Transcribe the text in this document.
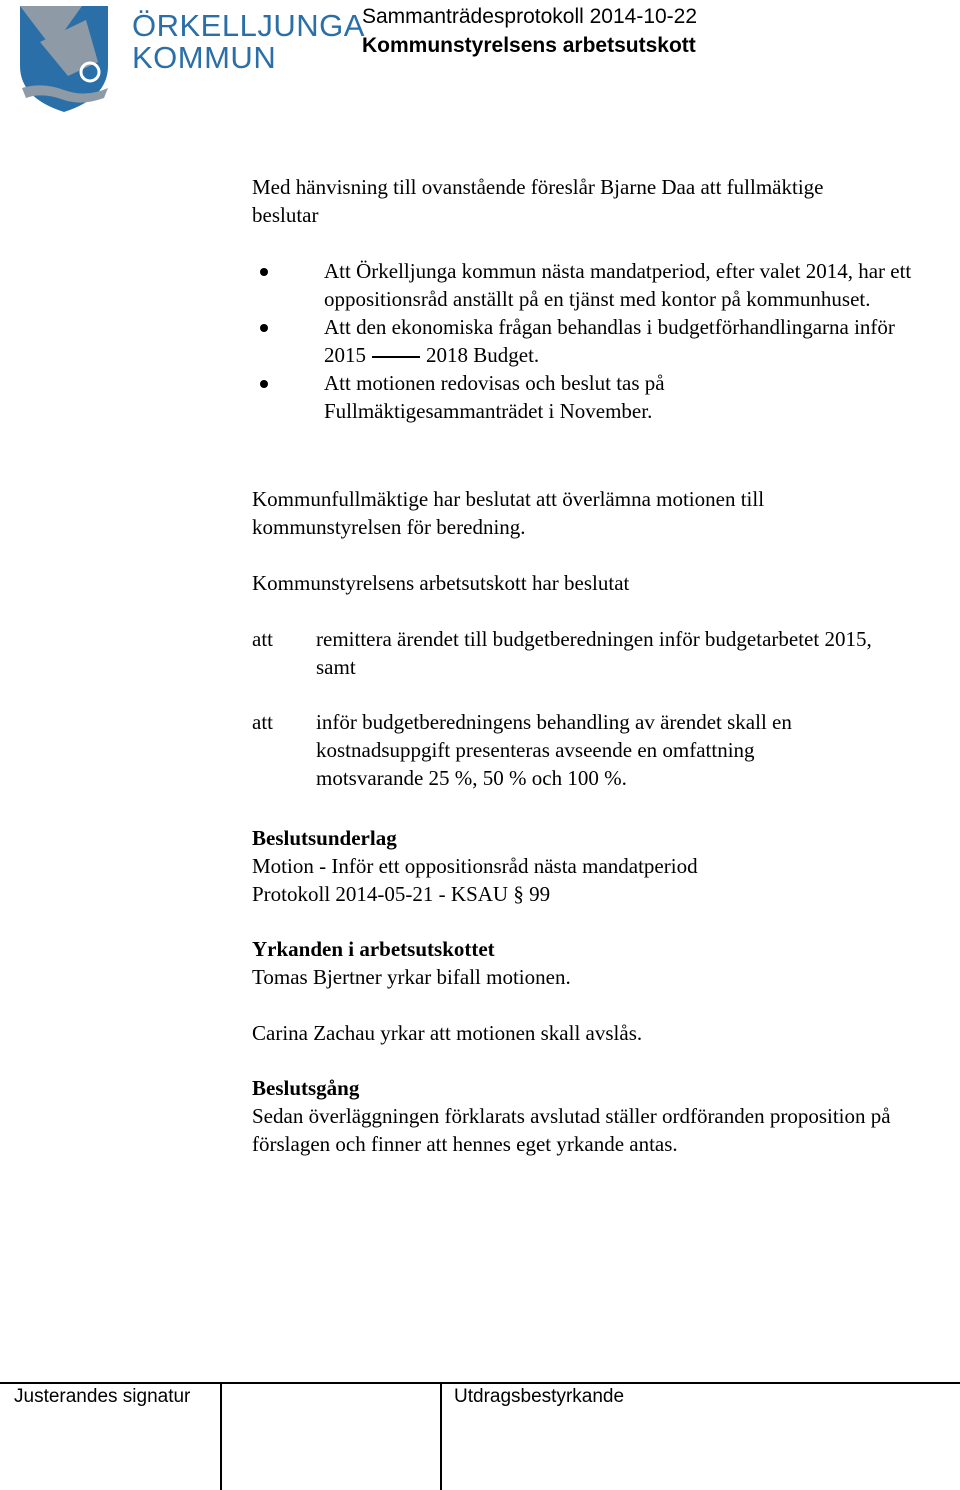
ÖRKELLJUNGA
KOMMUN
Sammanträdesprotokoll 2014-10-22
Kommunstyrelsens arbetsutskott
Med hänvisning till ovanstående föreslår Bjarne Daa att fullmäktige beslutar
Att Örkelljunga kommun nästa mandatperiod, efter valet 2014, har ett oppositionsråd anställt på en tjänst med kontor på kommunhuset.
Att den ekonomiska frågan behandlas i budgetförhandlingarna inför 2015	2018 Budget.
Att motionen redovisas och beslut tas på Fullmäktigesammanträdet i November.
Kommunfullmäktige har beslutat att överlämna motionen till kommunstyrelsen för beredning.
Kommunstyrelsens arbetsutskott har beslutat
att remittera ärendet till budgetberedningen inför budgetarbetet 2015, samt
att inför budgetberedningens behandling av ärendet skall en kostnadsuppgift presenteras avseende en omfattning motsvarande 25 %, 50 % och 100 %.
Beslutsunderlag
Motion - Inför ett oppositionsråd nästa mandatperiod
Protokoll 2014-05-21 - KSAU § 99
Yrkanden i arbetsutskottet
Tomas Bjertner yrkar bifall motionen.
Carina Zachau yrkar att motionen skall avslås.
Beslutsgång
Sedan överläggningen förklarats avslutad ställer ordföranden proposition på förslagen och finner att hennes eget yrkande antas.
Justerandes signatur	Utdragsbestyrkande
